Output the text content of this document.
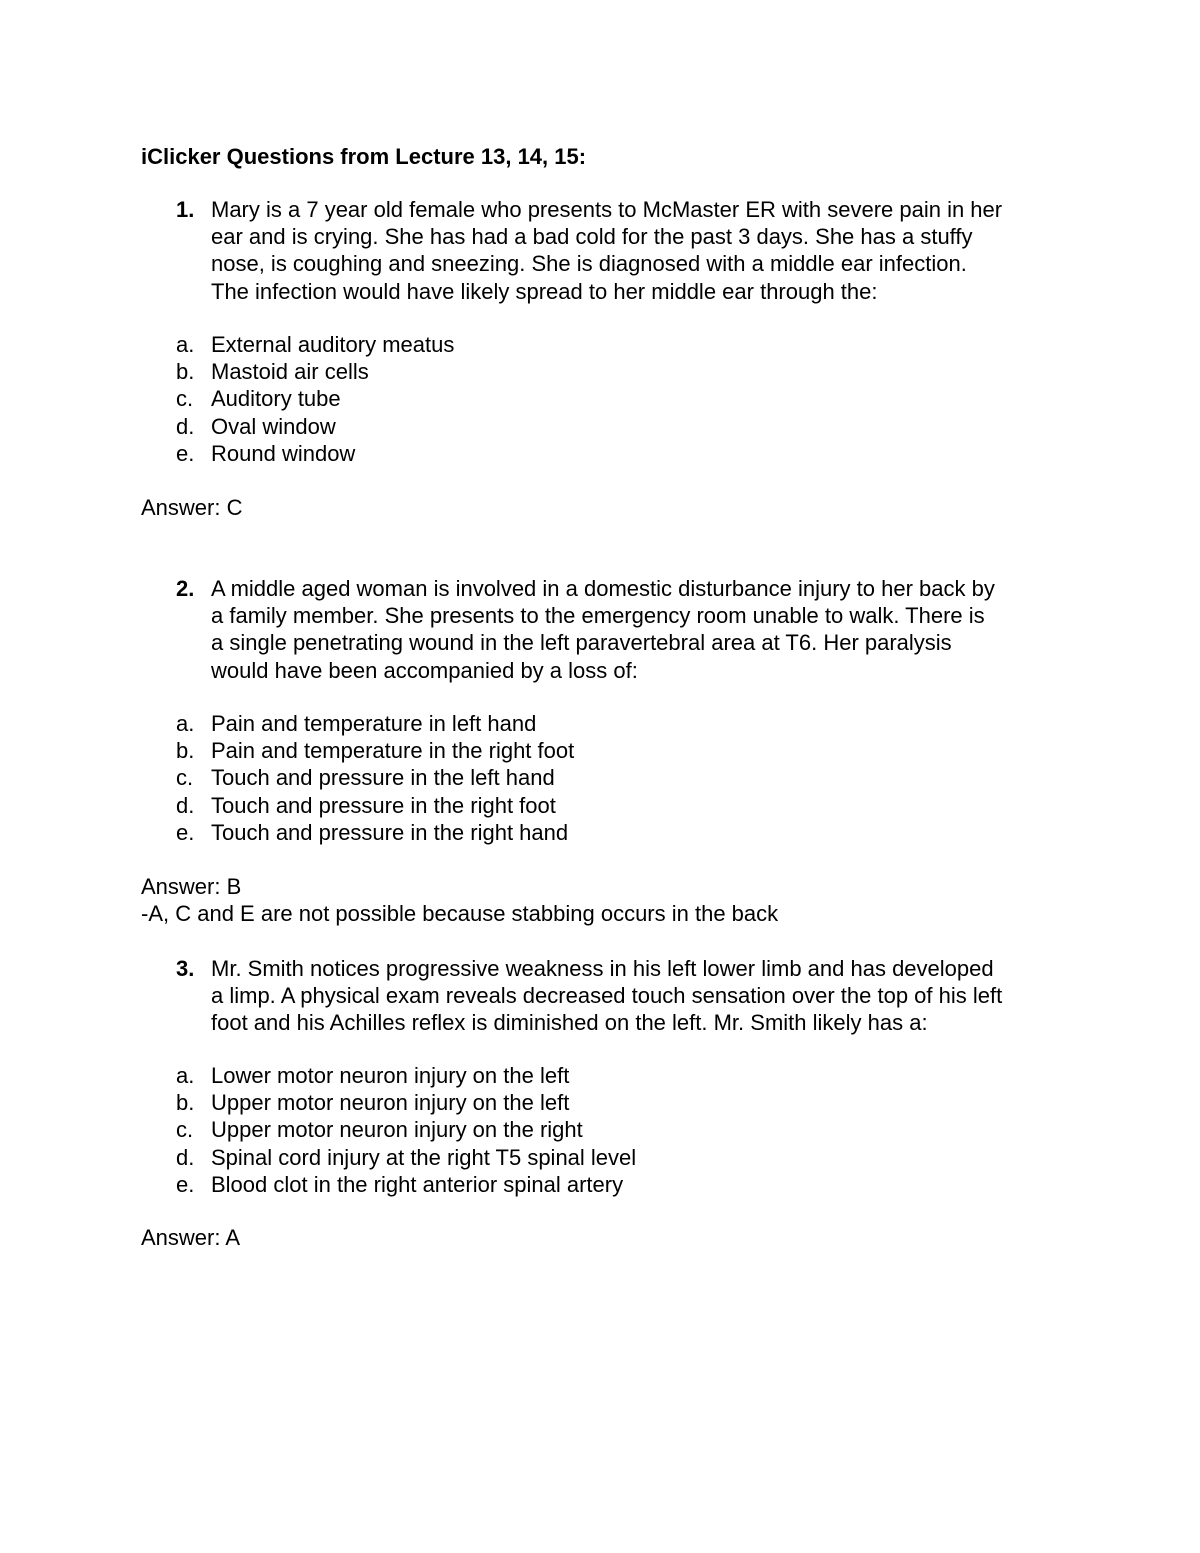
iClicker Questions from Lecture 13, 14, 15:
1. Mary is a 7 year old female who presents to McMaster ER with severe pain in her
ear and is crying. She has had a bad cold for the past 3 days. She has a stuffy
nose, is coughing and sneezing. She is diagnosed with a middle ear infection.
The infection would have likely spread to her middle ear through the:
a. External auditory meatus
b. Mastoid air cells
c. Auditory tube
d. Oval window
e. Round window
Answer: C
2. A middle aged woman is involved in a domestic disturbance injury to her back by
a family member. She presents to the emergency room unable to walk. There is
a single penetrating wound in the left paravertebral area at T6. Her paralysis
would have been accompanied by a loss of:
a. Pain and temperature in left hand
b. Pain and temperature in the right foot
c. Touch and pressure in the left hand
d. Touch and pressure in the right foot
e. Touch and pressure in the right hand
Answer: B
-A, C and E are not possible because stabbing occurs in the back
3. Mr. Smith notices progressive weakness in his left lower limb and has developed
a limp. A physical exam reveals decreased touch sensation over the top of his left
foot and his Achilles reflex is diminished on the left. Mr. Smith likely has a:
a. Lower motor neuron injury on the left
b. Upper motor neuron injury on the left
c. Upper motor neuron injury on the right
d. Spinal cord injury at the right T5 spinal level
e. Blood clot in the right anterior spinal artery
Answer: A
